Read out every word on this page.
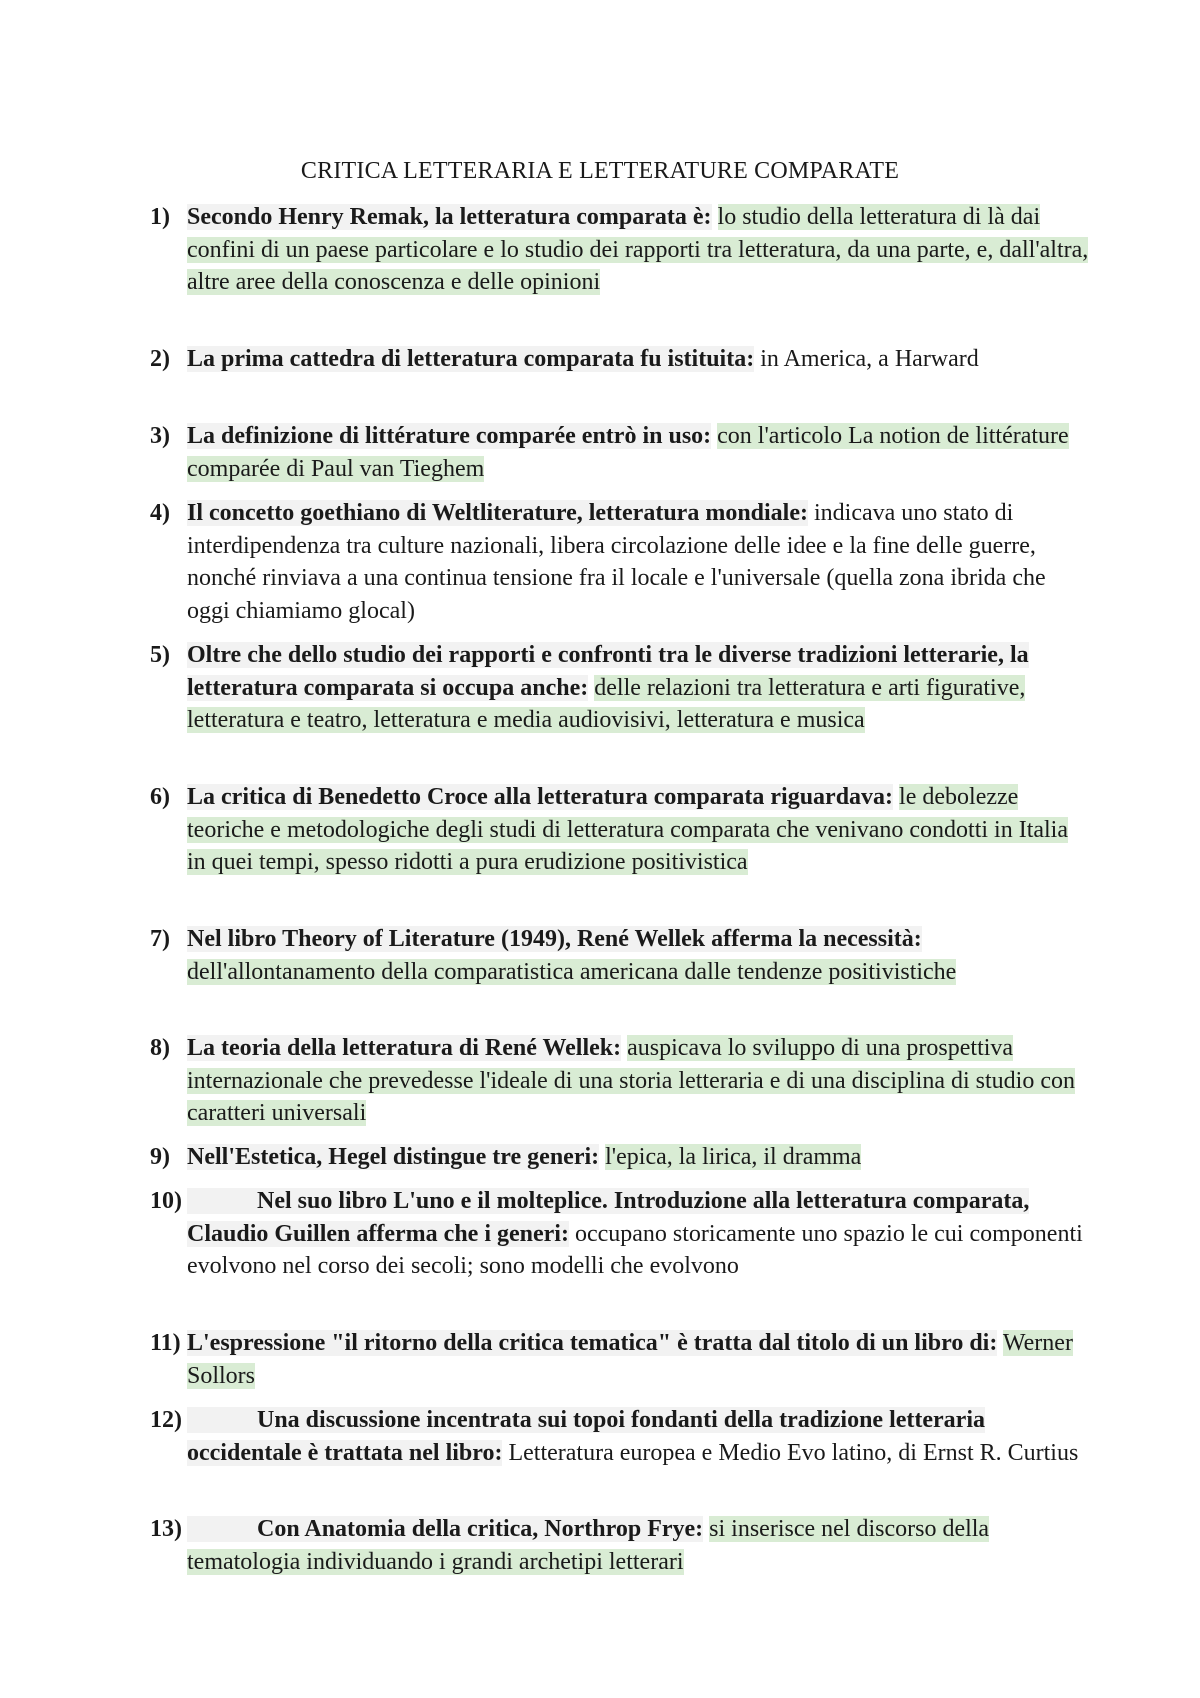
CRITICA LETTERARIA E LETTERATURE COMPARATE
1) Secondo Henry Remak, la letteratura comparata è: lo studio della letteratura di là dai confini di un paese particolare e lo studio dei rapporti tra letteratura, da una parte, e, dall'altra, altre aree della conoscenza e delle opinioni
2) La prima cattedra di letteratura comparata fu istituita: in America, a Harward
3) La definizione di littérature comparée entrò in uso: con l'articolo La notion de littérature comparée di Paul van Tieghem
4) Il concetto goethiano di Weltliterature, letteratura mondiale: indicava uno stato di interdipendenza tra culture nazionali, libera circolazione delle idee e la fine delle guerre, nonché rinviava a una continua tensione fra il locale e l'universale (quella zona ibrida che oggi chiamiamo glocal)
5) Oltre che dello studio dei rapporti e confronti tra le diverse tradizioni letterarie, la letteratura comparata si occupa anche: delle relazioni tra letteratura e arti figurative, letteratura e teatro, letteratura e media audiovisivi, letteratura e musica
6) La critica di Benedetto Croce alla letteratura comparata riguardava: le debolezze teoriche e metodologiche degli studi di letteratura comparata che venivano condotti in Italia in quei tempi, spesso ridotti a pura erudizione positivistica
7) Nel libro Theory of Literature (1949), René Wellek afferma la necessità: dell'allontanamento della comparatistica americana dalle tendenze positivistiche
8) La teoria della letteratura di René Wellek: auspicava lo sviluppo di una prospettiva internazionale che prevedesse l'ideale di una storia letteraria e di una disciplina di studio con caratteri universali
9) Nell'Estetica, Hegel distingue tre generi: l'epica, la lirica, il dramma
10)	Nel suo libro L'uno e il molteplice. Introduzione alla letteratura comparata, Claudio Guillen afferma che i generi: occupano storicamente uno spazio le cui componenti evolvono nel corso dei secoli; sono modelli che evolvono
11) L'espressione "il ritorno della critica tematica" è tratta dal titolo di un libro di: Werner Sollors
12)	Una discussione incentrata sui topoi fondanti della tradizione letteraria occidentale è trattata nel libro: Letteratura europea e Medio Evo latino, di Ernst R. Curtius
13)	Con Anatomia della critica, Northrop Frye: si inserisce nel discorso della tematologia individuando i grandi archetipi letterari
